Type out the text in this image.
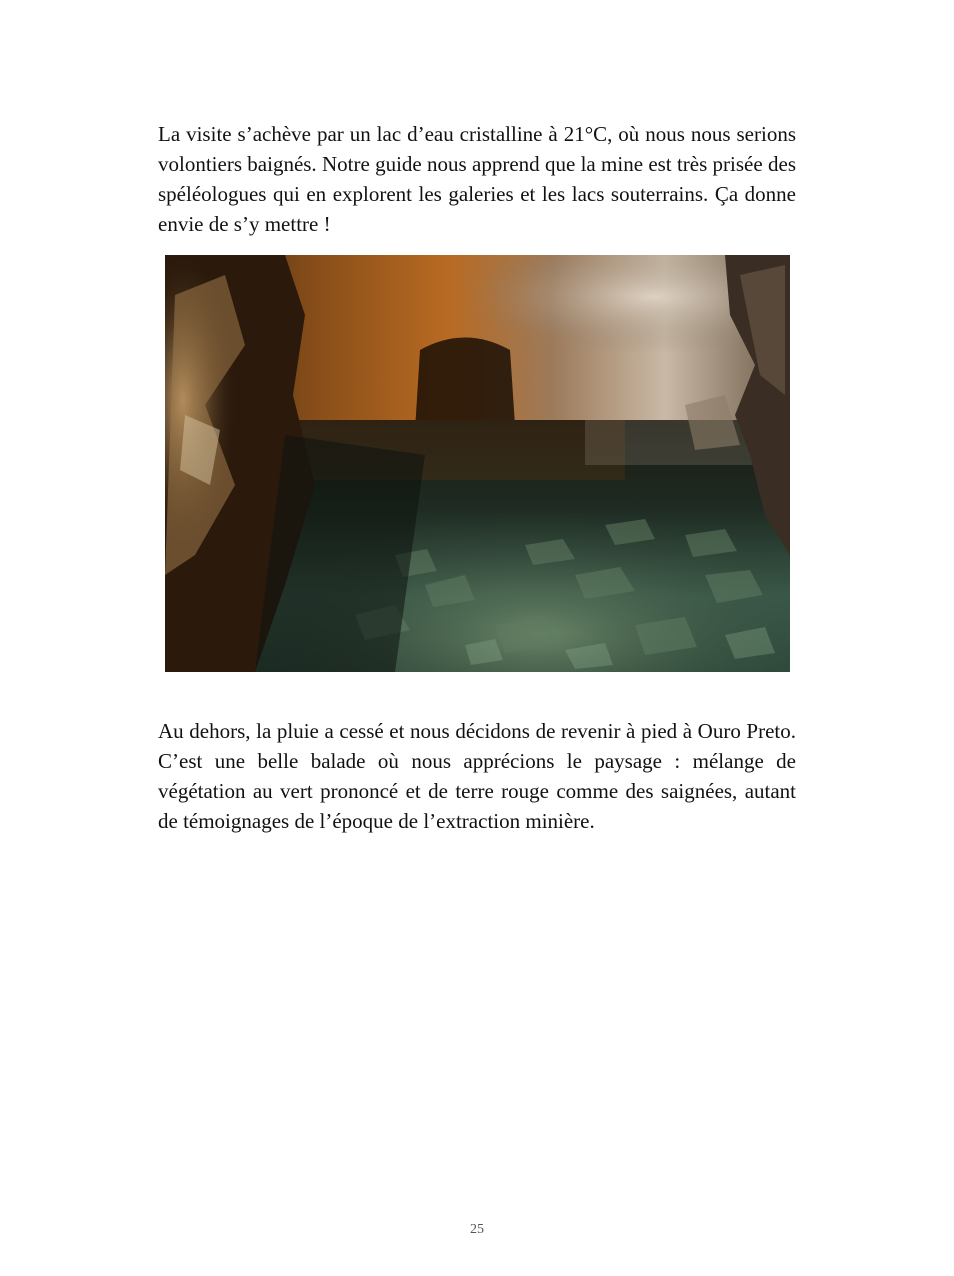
La visite s’achève par un lac d’eau cristalline à 21°C, où nous nous serions volontiers baignés. Notre guide nous apprend que la mine est très prisée des spéléologues qui en explorent les galeries et les lacs souterrains. Ça donne envie de s’y mettre !

Au dehors, la pluie a cessé et nous décidons de revenir à pied à Ouro Preto. C’est une belle balade où nous apprécions le paysage : mélange de végétation au vert prononcé et de terre rouge comme des saignées, autant de témoignages de l’époque de l’extraction minière.

25
